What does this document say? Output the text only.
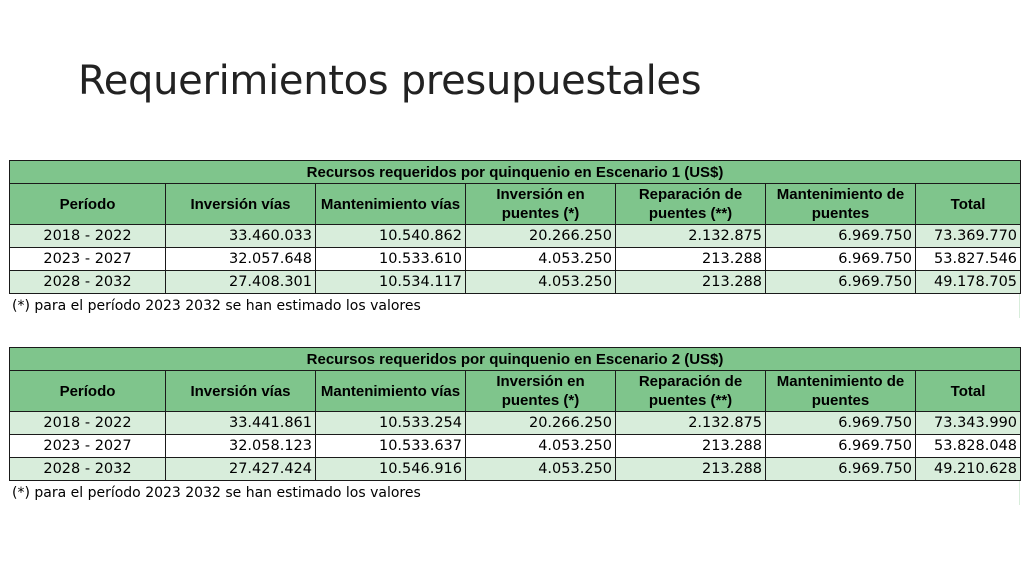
Requerimientos presupuestales
Recursos requeridos por quinquenio en Escenario 1 (US$)						
Período	Inversión vías	Mantenimiento vías	Inversión en puentes (*)	Reparación de puentes (**)	Mantenimiento de puentes	Total
2018 - 2022	33.460.033	10.540.862	20.266.250	2.132.875	6.969.750	73.369.770
2023 - 2027	32.057.648	10.533.610	4.053.250	213.288	6.969.750	53.827.546
2028 - 2032	27.408.301	10.534.117	4.053.250	213.288	6.969.750	49.178.705
(*) para el período 2023 2032 se han estimado los valores
Recursos requeridos por quinquenio en Escenario 2 (US$)						
Período	Inversión vías	Mantenimiento vías	Inversión en puentes (*)	Reparación de puentes (**)	Mantenimiento de puentes	Total
2018 - 2022	33.441.861	10.533.254	20.266.250	2.132.875	6.969.750	73.343.990
2023 - 2027	32.058.123	10.533.637	4.053.250	213.288	6.969.750	53.828.048
2028 - 2032	27.427.424	10.546.916	4.053.250	213.288	6.969.750	49.210.628
(*) para el período 2023 2032 se han estimado los valores
